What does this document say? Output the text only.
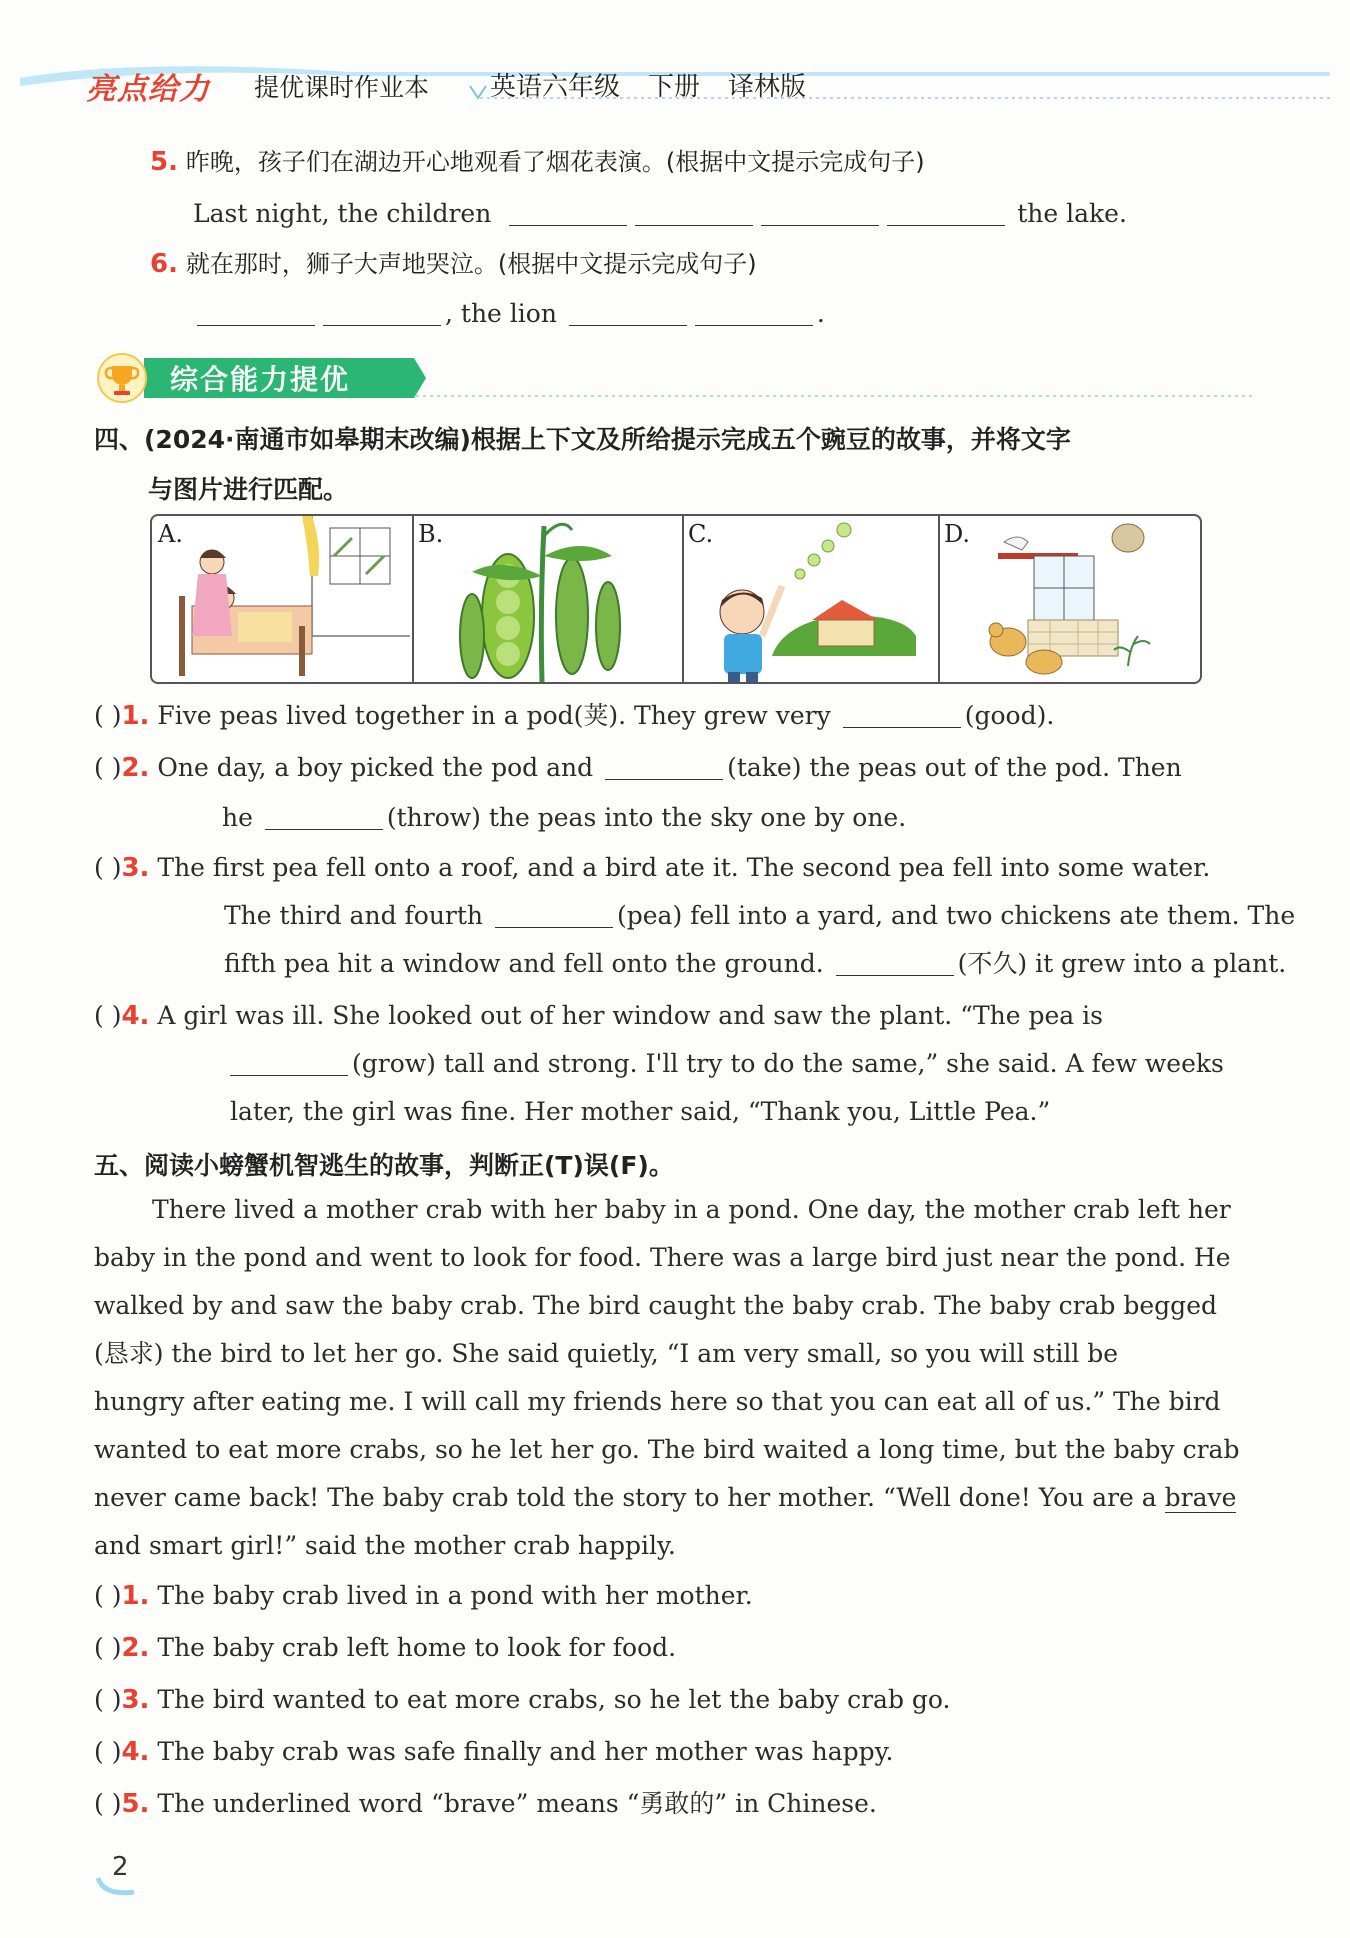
亮点给力 提优课时作业本 英语六年级 下册 译林版
5. 昨晚，孩子们在湖边开心地观看了烟花表演。(根据中文提示完成句子)
Last night, the children	the lake.
6. 就在那时，狮子大声地哭泣。(根据中文提示完成句子)
, the lion	.
综合能力提优
四、(2024·南通市如皋期末改编)根据上下文及所给提示完成五个豌豆的故事，并将文字
与图片进行匹配。
A.	B.	C.	D.
( )1. Five peas lived together in a pod(荚). They grew very	(good).
( )2. One day, a boy picked the pod and	(take) the peas out of the pod. Then
he	(throw) the peas into the sky one by one.
( )3. The first pea fell onto a roof, and a bird ate it. The second pea fell into some water.
The third and fourth	(pea) fell into a yard, and two chickens ate them. The
fifth pea hit a window and fell onto the ground.	(不久) it grew into a plant.
( )4. A girl was ill. She looked out of her window and saw the plant. “The pea is
(grow) tall and strong. I'll try to do the same,” she said. A few weeks
later, the girl was fine. Her mother said, “Thank you, Little Pea.”
五、阅读小螃蟹机智逃生的故事，判断正(T)误(F)。
There lived a mother crab with her baby in a pond. One day, the mother crab left her
baby in the pond and went to look for food. There was a large bird just near the pond. He
walked by and saw the baby crab. The bird caught the baby crab. The baby crab begged
(恳求) the bird to let her go. She said quietly, “I am very small, so you will still be
hungry after eating me. I will call my friends here so that you can eat all of us.” The bird
wanted to eat more crabs, so he let her go. The bird waited a long time, but the baby crab
never came back! The baby crab told the story to her mother. “Well done! You are a brave
and smart girl!” said the mother crab happily.
( )1. The baby crab lived in a pond with her mother.
( )2. The baby crab left home to look for food.
( )3. The bird wanted to eat more crabs, so he let the baby crab go.
( )4. The baby crab was safe finally and her mother was happy.
( )5. The underlined word “brave” means “勇敢的” in Chinese.
2
